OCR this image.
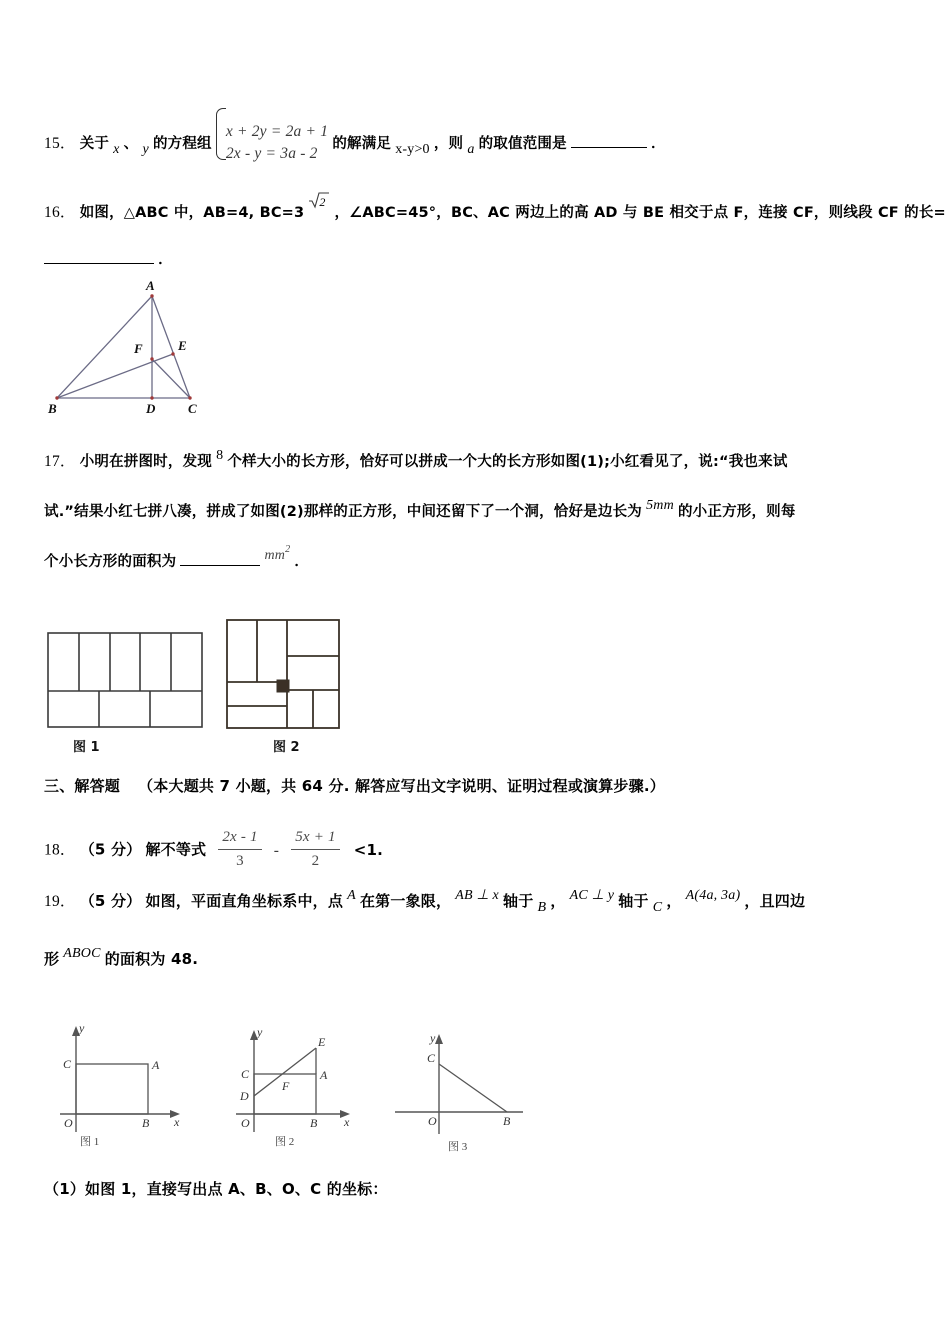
15． 关于 x 、 y 的方程组
x + 2y = 2a + 1
2x - y = 3a - 2
的解满足 x-y>0 ，则 a 的取值范围是	．
16． 如图，△ABC 中，AB=4, BC=3
2
，∠ABC=45°，BC、AC 两边上的高 AD 与 BE 相交于点 F，连接 CF，则线段 CF 的长=
．
A
B	C
D
E
F
17． 小明在拼图时，发现 8 个样大小的长方形，恰好可以拼成一个大的长方形如图(1);小红看见了，说:“我也来试
试.”结果小红七拼八凑，拼成了如图(2)那样的正方形，中间还留下了一个洞，恰好是边长为 5mm 的小正方形，则每
个小长方形的面积为	$mm^2$ ．
图 1	图 2
三、解答题 （本大题共 7 小题，共 64 分. 解答应写出文字说明、证明过程或演算步骤.）
18． （5 分） 解不等式 $\frac{2x - 1}{3} - \frac{5x + 1}{2} <1$.
19． （5 分） 如图，平面直角坐标系中，点 A 在第一象限， AB ⊥ x 轴于 B ， AC ⊥ y 轴于 C ， A(4a, 3a) ，且四边
形 ABOC 的面积为 48.
y
x
O
A
B
C
图 1
y
x
O
A
B
C
D
E
F
图 2
y
O	B
C
图 3
（1）如图 1，直接写出点 A、B、O、C 的坐标：
